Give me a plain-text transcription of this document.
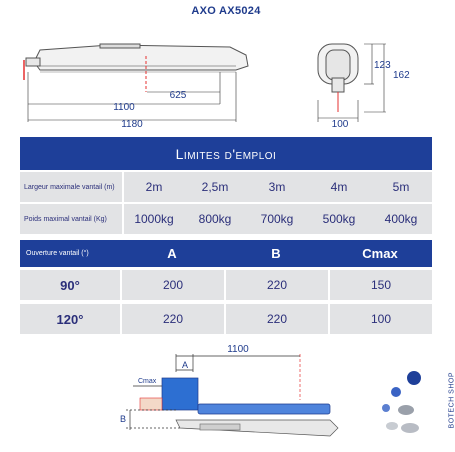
AXO AX5024
625
1100
1180
123
162
100
1100
A
B
Cmax	BOTECH SHOP
Limites d'emploi
Largeur maximale vantail (m)	2m	2,5m	3m	4m	5m
Poids maximal vantail (Kg)	1000kg	800kg	700kg	500kg	400kg
Ouverture vantail (°)	A	B	Cmax
90°	200	220	150
120°	220	220	100
